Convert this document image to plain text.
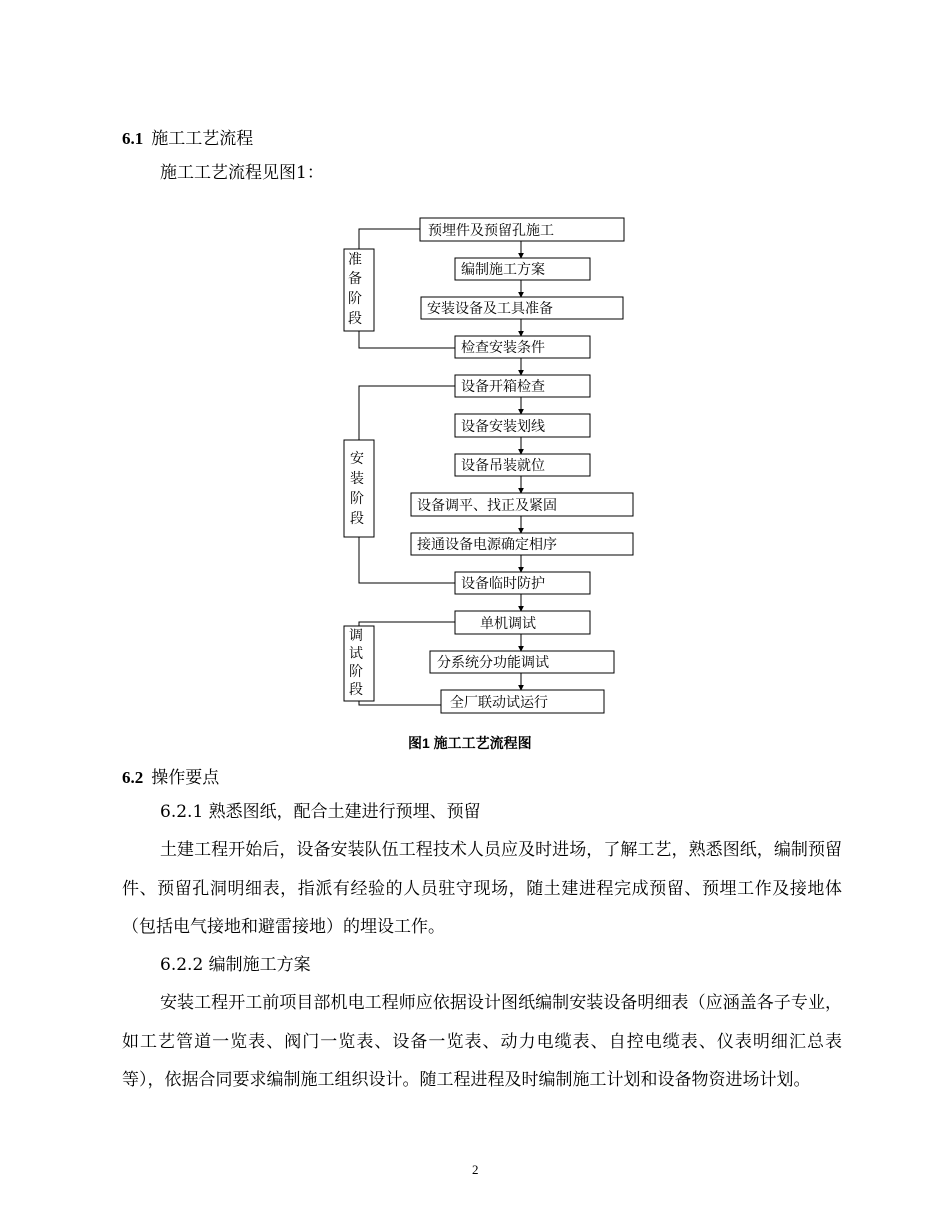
6.1 施工工艺流程
施工工艺流程见图1：
准
备
阶
段
安
装
阶
段
调
试
阶
段
预埋件及预留孔施工
编制施工方案
安装设备及工具准备
检查安装条件
设备开箱检查
设备安装划线
设备吊装就位
设备调平、找正及紧固
接通设备电源确定相序
设备临时防护
单机调试
分系统分功能调试
全厂联动试运行
图1 施工工艺流程图
6.2 操作要点
6.2.1 熟悉图纸，配合土建进行预埋、预留
土建工程开始后，设备安装队伍工程技术人员应及时进场，了解工艺，熟悉图纸，编制预留件、预留孔洞明细表，指派有经验的人员驻守现场，随土建进程完成预留、预埋工作及接地体（包括电气接地和避雷接地）的埋设工作。
6.2.2 编制施工方案
安装工程开工前项目部机电工程师应依据设计图纸编制安装设备明细表（应涵盖各子专业，如工艺管道一览表、阀门一览表、设备一览表、动力电缆表、自控电缆表、仪表明细汇总表等），依据合同要求编制施工组织设计。随工程进程及时编制施工计划和设备物资进场计划。
2
